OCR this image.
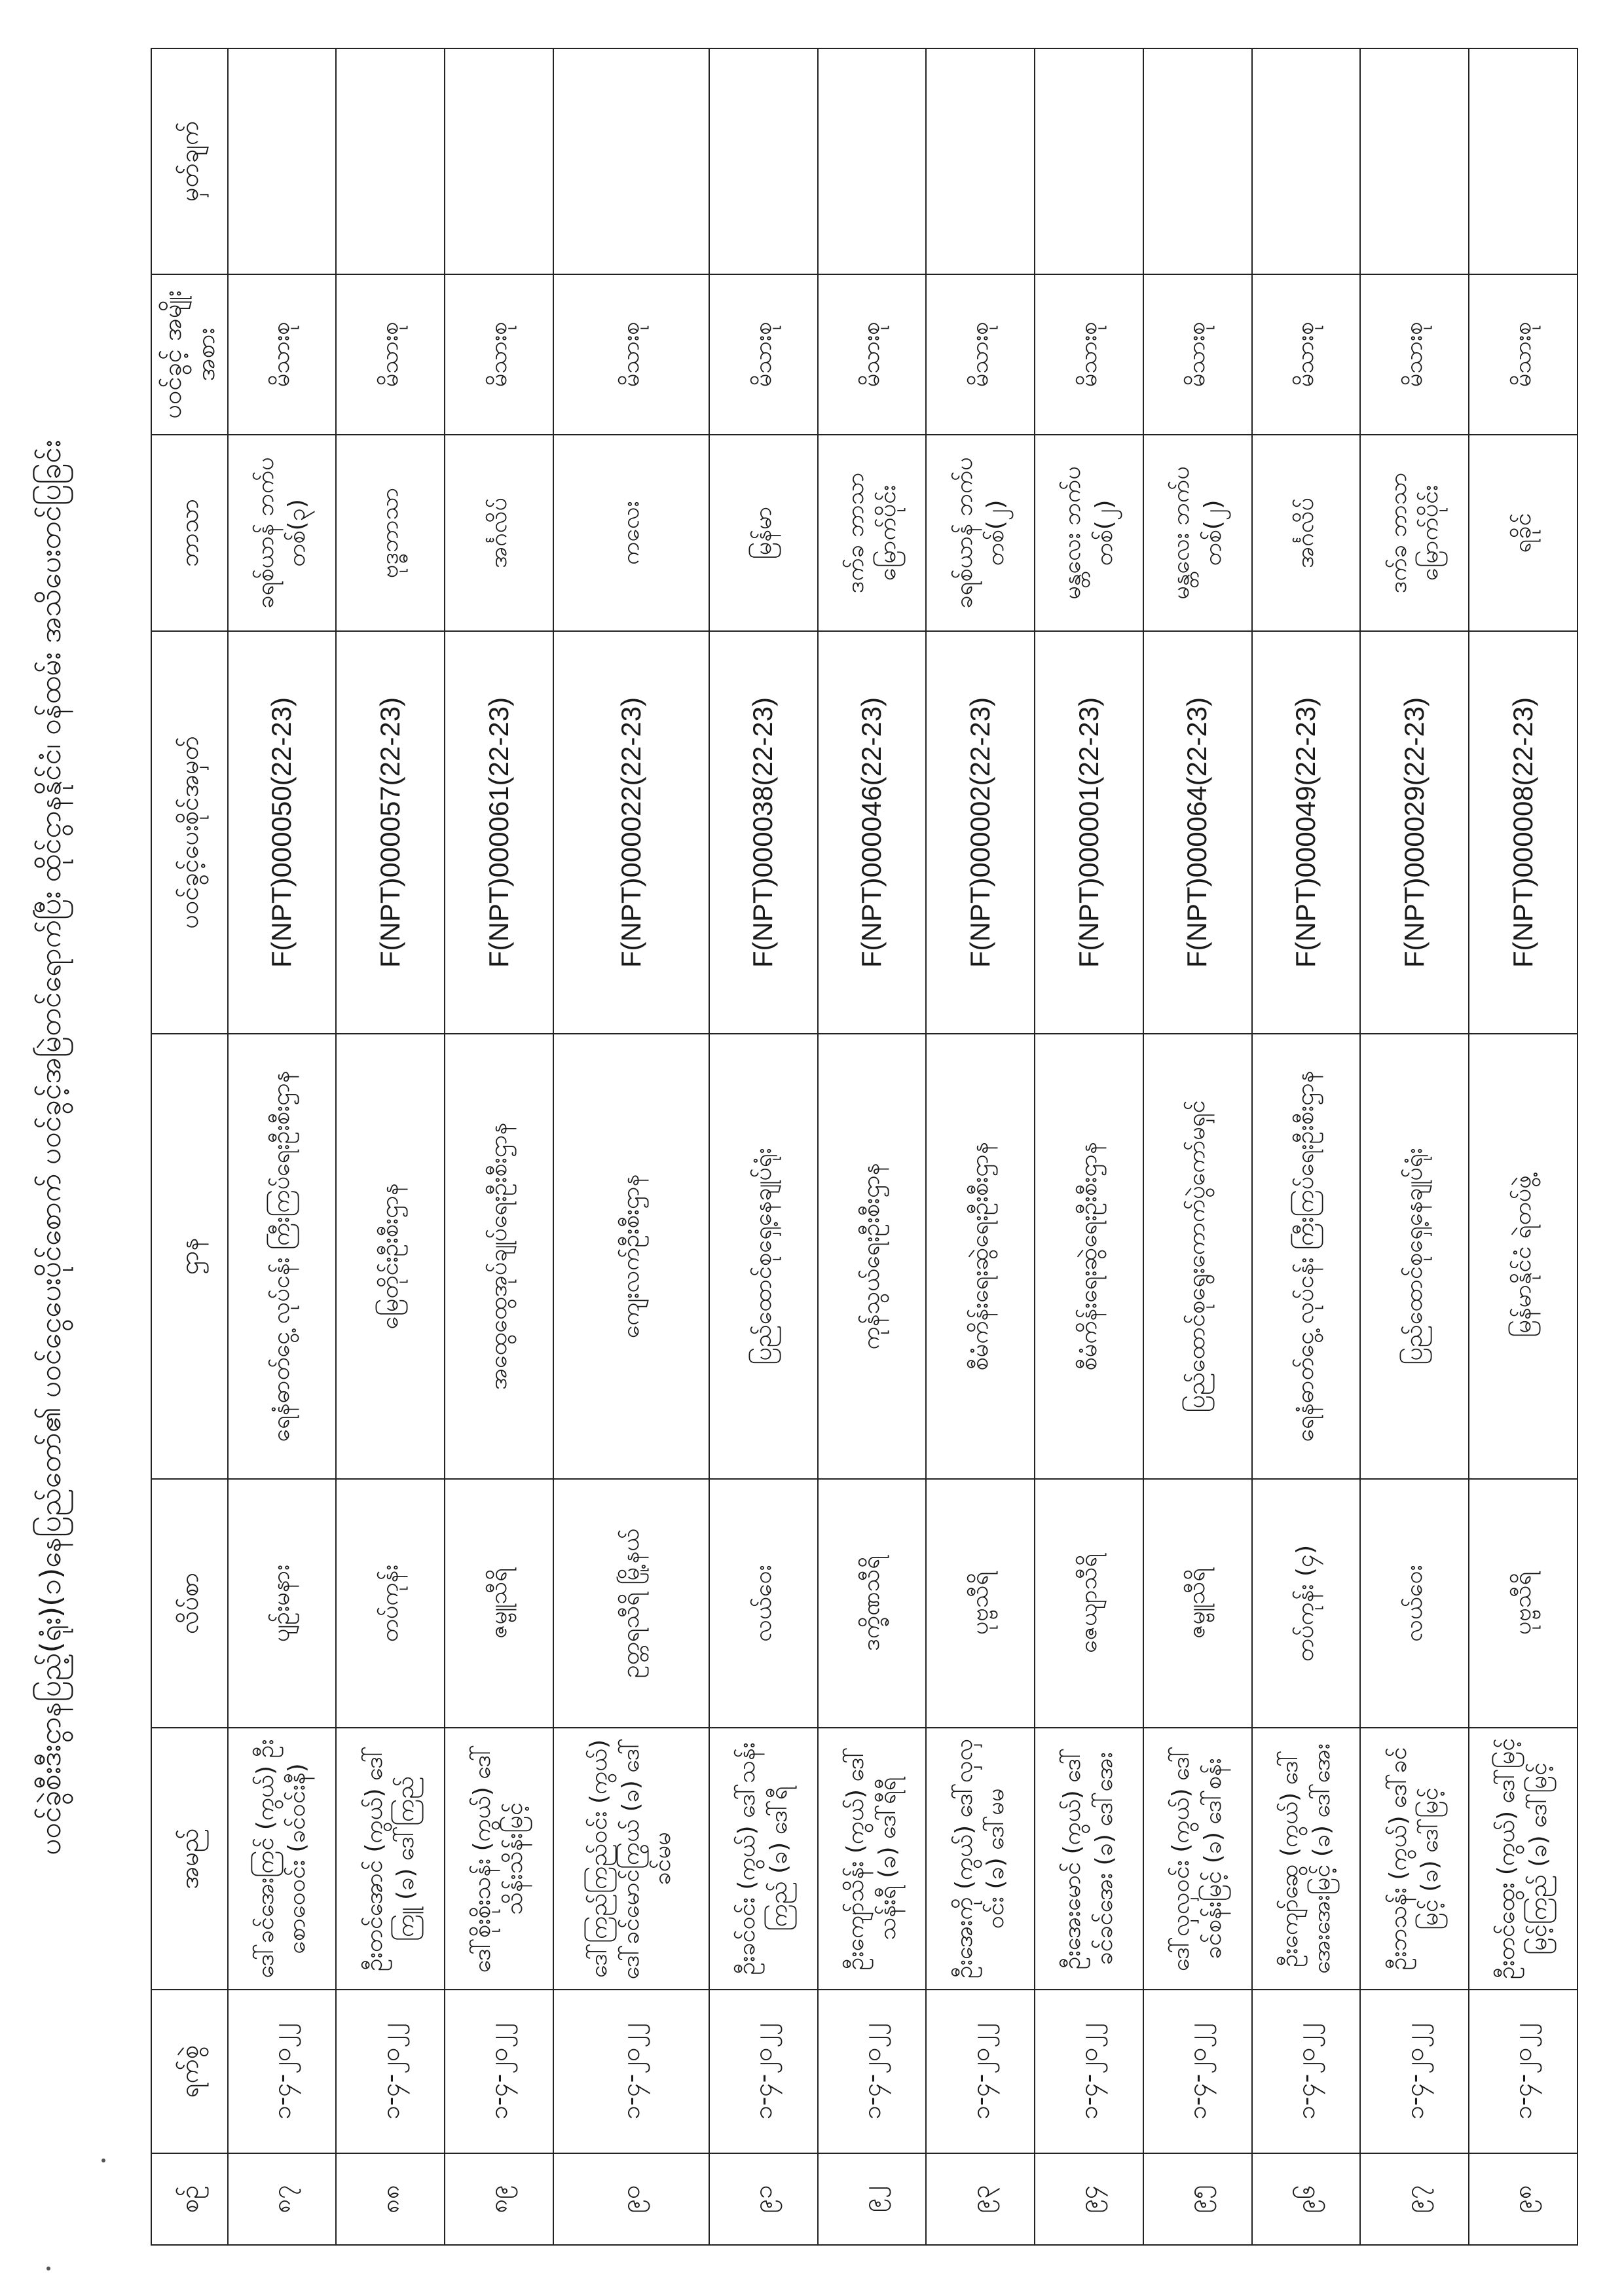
ပဝင်ခွဲစီးဒီးငွာနပြည့်(ရုံး)(၁)နေပြည်တော်၏ ပဝင်ငွေပေးပိုင်စောက် ပဝင်ခွင့်အမြဲတင်ရောက်ပြီး ထိုင်ငွာနနိုင်ငံ၊ ဝန်ထမ်း အသိပေးတင်ပြခြင်း
စဉ်	ရက်စွဲ	အမည်	လိပ်စာ	ဌာန	ပဝင်ခွင့်ပေးစိုင်အမှတ်	ဘာသာ	ပဝင်ခွင့် အမျိုးအစား	မှတ်ချက်
၈၇	၁-၄-၂၀၂၂	ဒေါ်ခင်အေးကြင် (ကွယ်) ဦးစောဝေဝင်း (ခင်ဝင်းနီ)	ပျဉ်းမနား	ရေနံဓာတ်ငွေ့ လုပ်ငန်း ကြီးကြပ်ရေးဦးစီးဌာန	F(NPT)000050(22-23)	ခရစ်ယာန် ဘက်ပတစ်(၃)	မိသားစု	
၈၈	၁-၄-၂၀၂၂	ဦးတင်အောင် (ကွယ်) ဒေါ်ကြူ (ခ) ဒေါ်ကြည်	တပ်ကုန်း	မြေတိုင်းဦးစီးဌာန	F(NPT)000057(22-23)	ဗုဒ္ဓဘာသာ	မိသားစု	
၈၉	၁-၄-၂၀၂၂	ဒေါ်စိုးစိုးသန်း (ကွယ်) ဒေါ်သိန်းသိန်းမြင့်	ဇမ္ဗူသီရိ	အထွေထွေအုပ်ချုပ်ရေးဦးစီးဌာန	F(NPT)000061(22-23)	အင်္ဂလိပ်	မိသားစု	
၉၀	၁-၄-၂၀၂၂	ဒေါ်ကြည်ကြည်ဝင်း (ကွယ်) ဒေါ်ခင်မောင်ကြွယ် (ခ) ဒေါ်ခင်မမ	ဥတ္တရသီရိ မြို့နယ်	ကျေးလက်ဦးစီးဌာန	F(NPT)000022(22-23)	ကလေး	မိသားစု	
၉၁	၁-၄-၂၀၂၂	ဦးခင်ဝင်း (ကွယ်) ဒေါ်သန်းကြည် (ခ) ဒေါ်ရီ	လယ်ဝေး	ပြည်ထောင်စုရှေ့နေချုပ်ရုံး	F(NPT)000038(22-23)	မြန်မာ	မိသားစု	
၉၂	၁-၄-၂၀၂၂	ဦးကျော်သိန်း (ကွယ်) ဒေါ်သန်းရီ (ခ) ဒေါ်ရီရီ	ဒက္ခိဏသီရိ	ကုန်သွယ်ရေးဦးစီးဌာန	F(NPT)000046(22-23)	ဒက်ခ ဘာသာ မြောက်ပိုင်း	မိသားစု	
၉၃	၁-၄-၂၀၂၂	ဦးအေးကို (ကွယ်) ဒေါ်လှလှဝင်း (ခ) ဒေါ်မမ	ပုဗ္ဗသီရိ	စီမံကိန်းရေးဆွဲရေးဦးစီးဌာန	F(NPT)000002(22-23)	ခရစ်ယာန် ဘက်ပတစ်(၂)	မိသားစု	
၉၄	၁-၄-၂၀၂၂	ဦးအေးမောင် (ကွယ်) ဒေါ်ခင်ခင်အေး (ခ) ဒေါ်အေး	ဇေယျာသီရိ	စီမံကိန်းရေးဆွဲရေးဦးစီးဌာန	F(NPT)000001(22-23)	မန္တလေး ဘက်ပတစ်(၂)	မိသားစု	
၉၅	၁-၄-၂၀၂၂	ဒေါ်လှလှဝင်း (ကွယ်) ဒေါ်ခင်စန်းမြင့် (ခ) ဒေါ်စန်း	ဇမ္ဗူသီရိ	ပြည်ထောင်စုရွေးကောက်ပွဲကော်မရှင်	F(NPT)000064(22-23)	မန္တလေး ဘက်ပတစ်(၂)	မိသားစု	
၉၆	၁-၄-၂၀၂၂	ဦးကျော်ဆွေ (ကွယ်) ဒေါ်အေးအေးမြင့် (ခ) ဒေါ်အေး	တပ်ကုန်း (၄)	ရေနံဓာတ်ငွေ့ လုပ်ငန်း ကြီးကြပ်ရေးဦးစီးဌာန	F(NPT)000049(22-23)	အင်္ဂလိပ်	မိသားစု	
၉၇	၁-၄-၂၀၂၂	ဦးဘသန်း (ကွယ်) ဒေါ်ခင်မြင့် (ခ) ဒေါ်မြင့်	လယ်ဝေး	ပြည်ထောင်စုရှေ့နေချုပ်ရုံး	F(NPT)000029(22-23)	ဒက်ခ ဘာသာ မြောက်ပိုင်း	မိသားစု	
၉၈	၁-၄-၂၀၂၂	ဦးတင်ထွေး (ကွယ်) ဒေါ်မြင့်မြင့်ကြည် (ခ) ဒေါ်မြင့်	ပုဗ္ဗသီရိ	မြန်မာနိုင်ငံ ရဲတပ်ဖွဲ့	F(NPT)000008(22-23)	ရခိုင်	မိသားစု	
